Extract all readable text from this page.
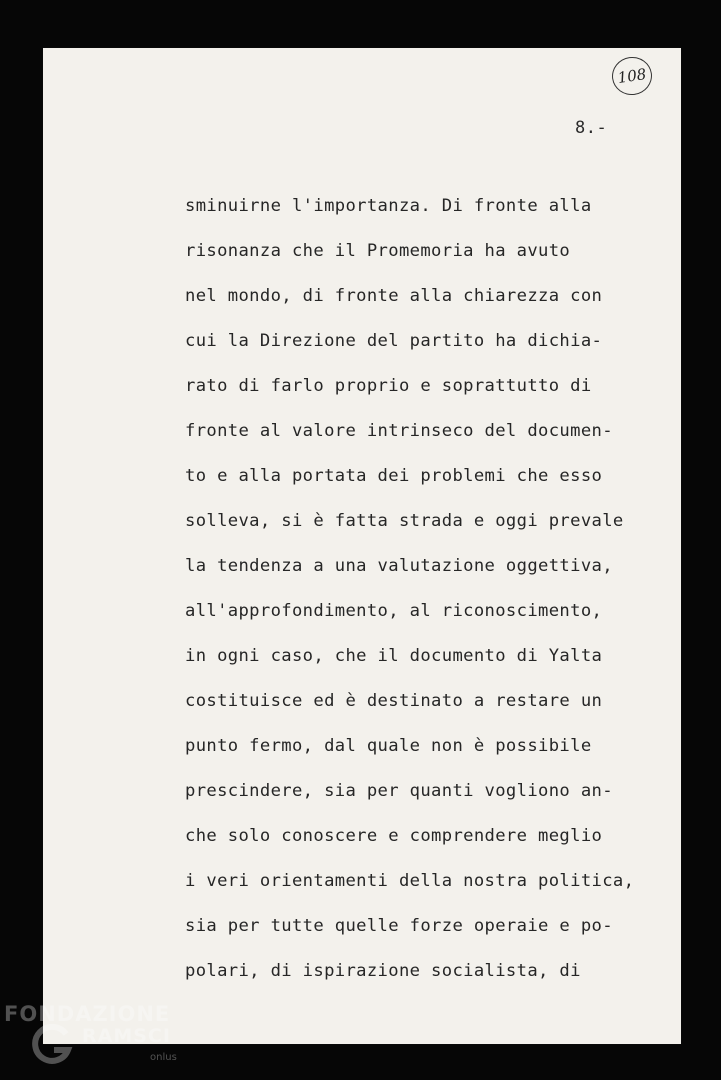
108
8.-
sminuirne l'importanza. Di fronte alla
risonanza che il Promemoria ha avuto
nel mondo, di fronte alla chiarezza con
cui la Direzione del partito ha dichia-
rato di farlo proprio e soprattutto di
fronte al valore intrinseco del documen-
to e alla portata dei problemi che esso
solleva, si è fatta strada e oggi prevale
la tendenza a una valutazione oggettiva,
all'approfondimento, al riconoscimento,
in ogni caso, che il documento di Yalta
costituisce ed è destinato a restare un
punto fermo, dal quale non è possibile
prescindere, sia per quanti vogliono an-
che solo conoscere e comprendere meglio
i veri orientamenti della nostra politica,
sia per tutte quelle forze operaie e po-
polari, di ispirazione socialista, di
FONDAZIONE
RAMSCI
onlus
